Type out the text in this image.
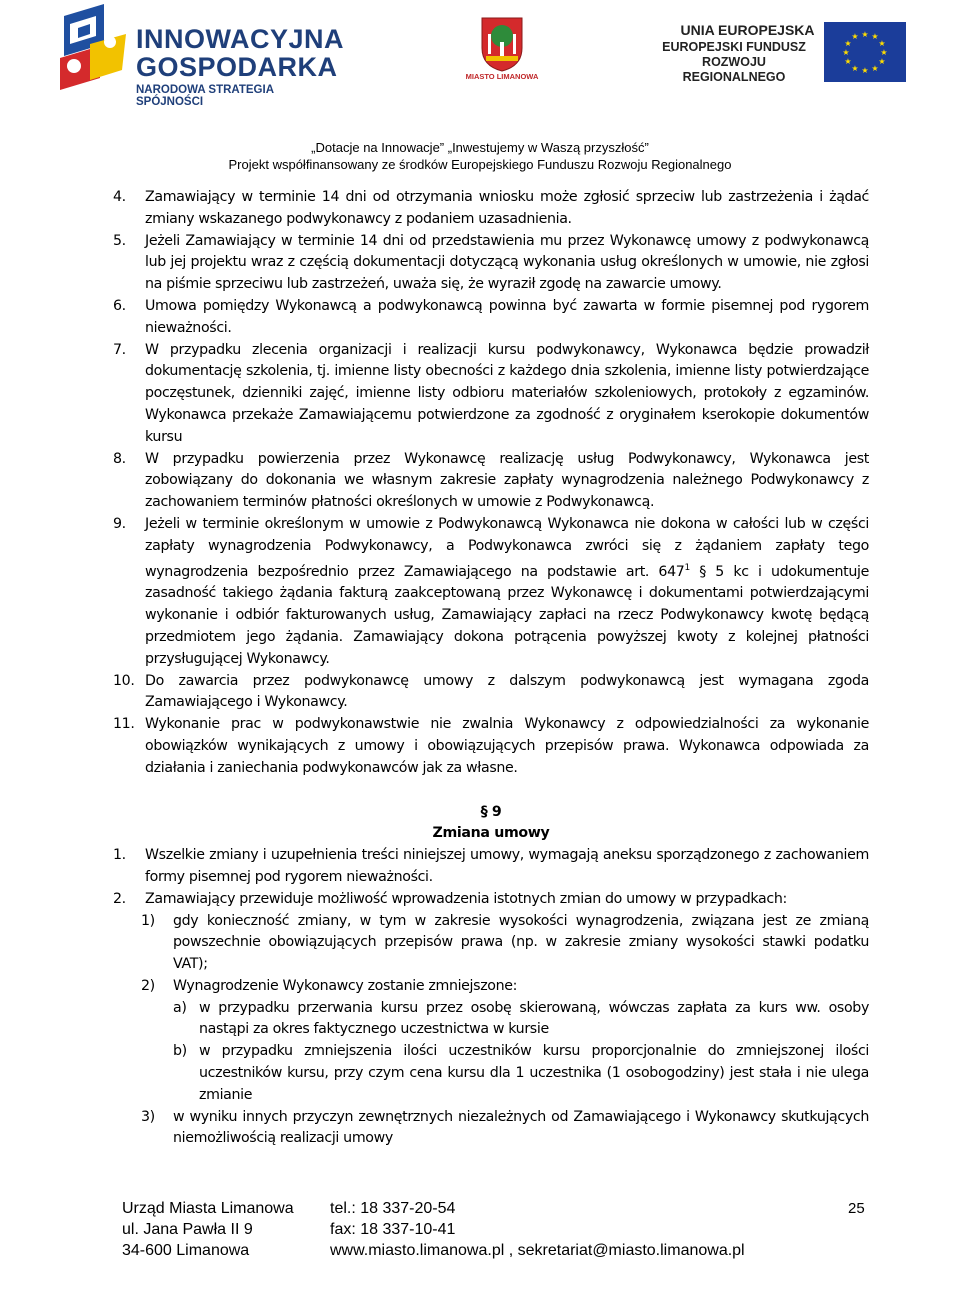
INNOWACYJNA
GOSPODARKA
NARODOWA STRATEGIA SPÓJNOŚCI
MIASTO LIMANOWA
UNIA EUROPEJSKA
EUROPEJSKI FUNDUSZ
ROZWOJU REGIONALNEGO
★ ★
★
★
★
★
★
★
★
★
★
★
„Dotacje na Innowacje” „Inwestujemy w Waszą przyszłość”
Projekt współfinansowany ze środków Europejskiego Funduszu Rozwoju Regionalnego
4.	Zamawiający w terminie 14 dni od otrzymania wniosku może zgłosić sprzeciw lub zastrzeżenia i żądać zmiany wskazanego podwykonawcy z podaniem uzasadnienia.
5.	Jeżeli Zamawiający w terminie 14 dni od przedstawienia mu przez Wykonawcę umowy z podwykonawcą lub jej projektu wraz z częścią dokumentacji dotyczącą wykonania usług określonych w umowie, nie zgłosi na piśmie sprzeciwu lub zastrzeżeń, uważa się, że wyraził zgodę na zawarcie umowy.
6.	Umowa pomiędzy Wykonawcą a podwykonawcą powinna być zawarta w formie pisemnej pod rygorem nieważności.
7.	W przypadku zlecenia organizacji i realizacji kursu podwykonawcy, Wykonawca będzie prowadził dokumentację szkolenia, tj. imienne listy obecności z każdego dnia szkolenia, imienne listy potwierdzające poczęstunek, dzienniki zajęć, imienne listy odbioru materiałów szkoleniowych, protokoły z egzaminów. Wykonawca przekaże Zamawiającemu potwierdzone za zgodność z oryginałem kserokopie dokumentów kursu
8.	W przypadku powierzenia przez Wykonawcę realizację usług Podwykonawcy, Wykonawca jest zobowiązany do dokonania we własnym zakresie zapłaty wynagrodzenia należnego Podwykonawcy z zachowaniem terminów płatności określonych w umowie z Podwykonawcą.
9.	Jeżeli w terminie określonym w umowie z Podwykonawcą Wykonawca nie dokona w całości lub w części zapłaty wynagrodzenia Podwykonawcy, a Podwykonawca zwróci się z żądaniem zapłaty tego wynagrodzenia bezpośrednio przez Zamawiającego na podstawie art. $647^1$ § 5 kc i udokumentuje zasadność takiego żądania fakturą zaakceptowaną przez Wykonawcę i dokumentami potwierdzającymi wykonanie i odbiór fakturowanych usług, Zamawiający zapłaci na rzecz Podwykonawcy kwotę będącą przedmiotem jego żądania. Zamawiający dokona potrącenia powyższej kwoty z kolejnej płatności przysługującej Wykonawcy.
10. Do zawarcia przez podwykonawcę umowy z dalszym podwykonawcą jest wymagana zgoda Zamawiającego i Wykonawcy.
11. Wykonanie prac w podwykonawstwie nie zwalnia Wykonawcy z odpowiedzialności za wykonanie obowiązków wynikających z umowy i obowiązujących przepisów prawa. Wykonawca odpowiada za działania i zaniechania podwykonawców jak za własne.
§ 9
Zmiana umowy
1.	Wszelkie zmiany i uzupełnienia treści niniejszej umowy, wymagają aneksu sporządzonego z zachowaniem formy pisemnej pod rygorem nieważności.
2.	Zamawiający przewiduje możliwość wprowadzenia istotnych zmian do umowy w przypadkach:
1)	gdy konieczność zmiany, w tym w zakresie wysokości wynagrodzenia, związana jest ze zmianą powszechnie obowiązujących przepisów prawa (np. w zakresie zmiany wysokości stawki podatku VAT);
2)	Wynagrodzenie Wykonawcy zostanie zmniejszone:
a) w przypadku przerwania kursu przez osobę skierowaną, wówczas zapłata za kurs ww. osoby nastąpi za okres faktycznego uczestnictwa w kursie
b) w przypadku zmniejszenia ilości uczestników kursu proporcjonalnie do zmniejszonej ilości uczestników kursu, przy czym cena kursu dla 1 uczestnika (1 osobogodziny) jest stała i nie ulega zmianie
3)	w wyniku innych przyczyn zewnętrznych niezależnych od Zamawiającego i Wykonawcy skutkujących niemożliwością realizacji umowy
Urząd Miasta Limanowa
ul. Jana Pawła II 9
34-600 Limanowa
tel.: 18 337-20-54
fax: 18 337-10-41
www.miasto.limanowa.pl , sekretariat@miasto.limanowa.pl
25
